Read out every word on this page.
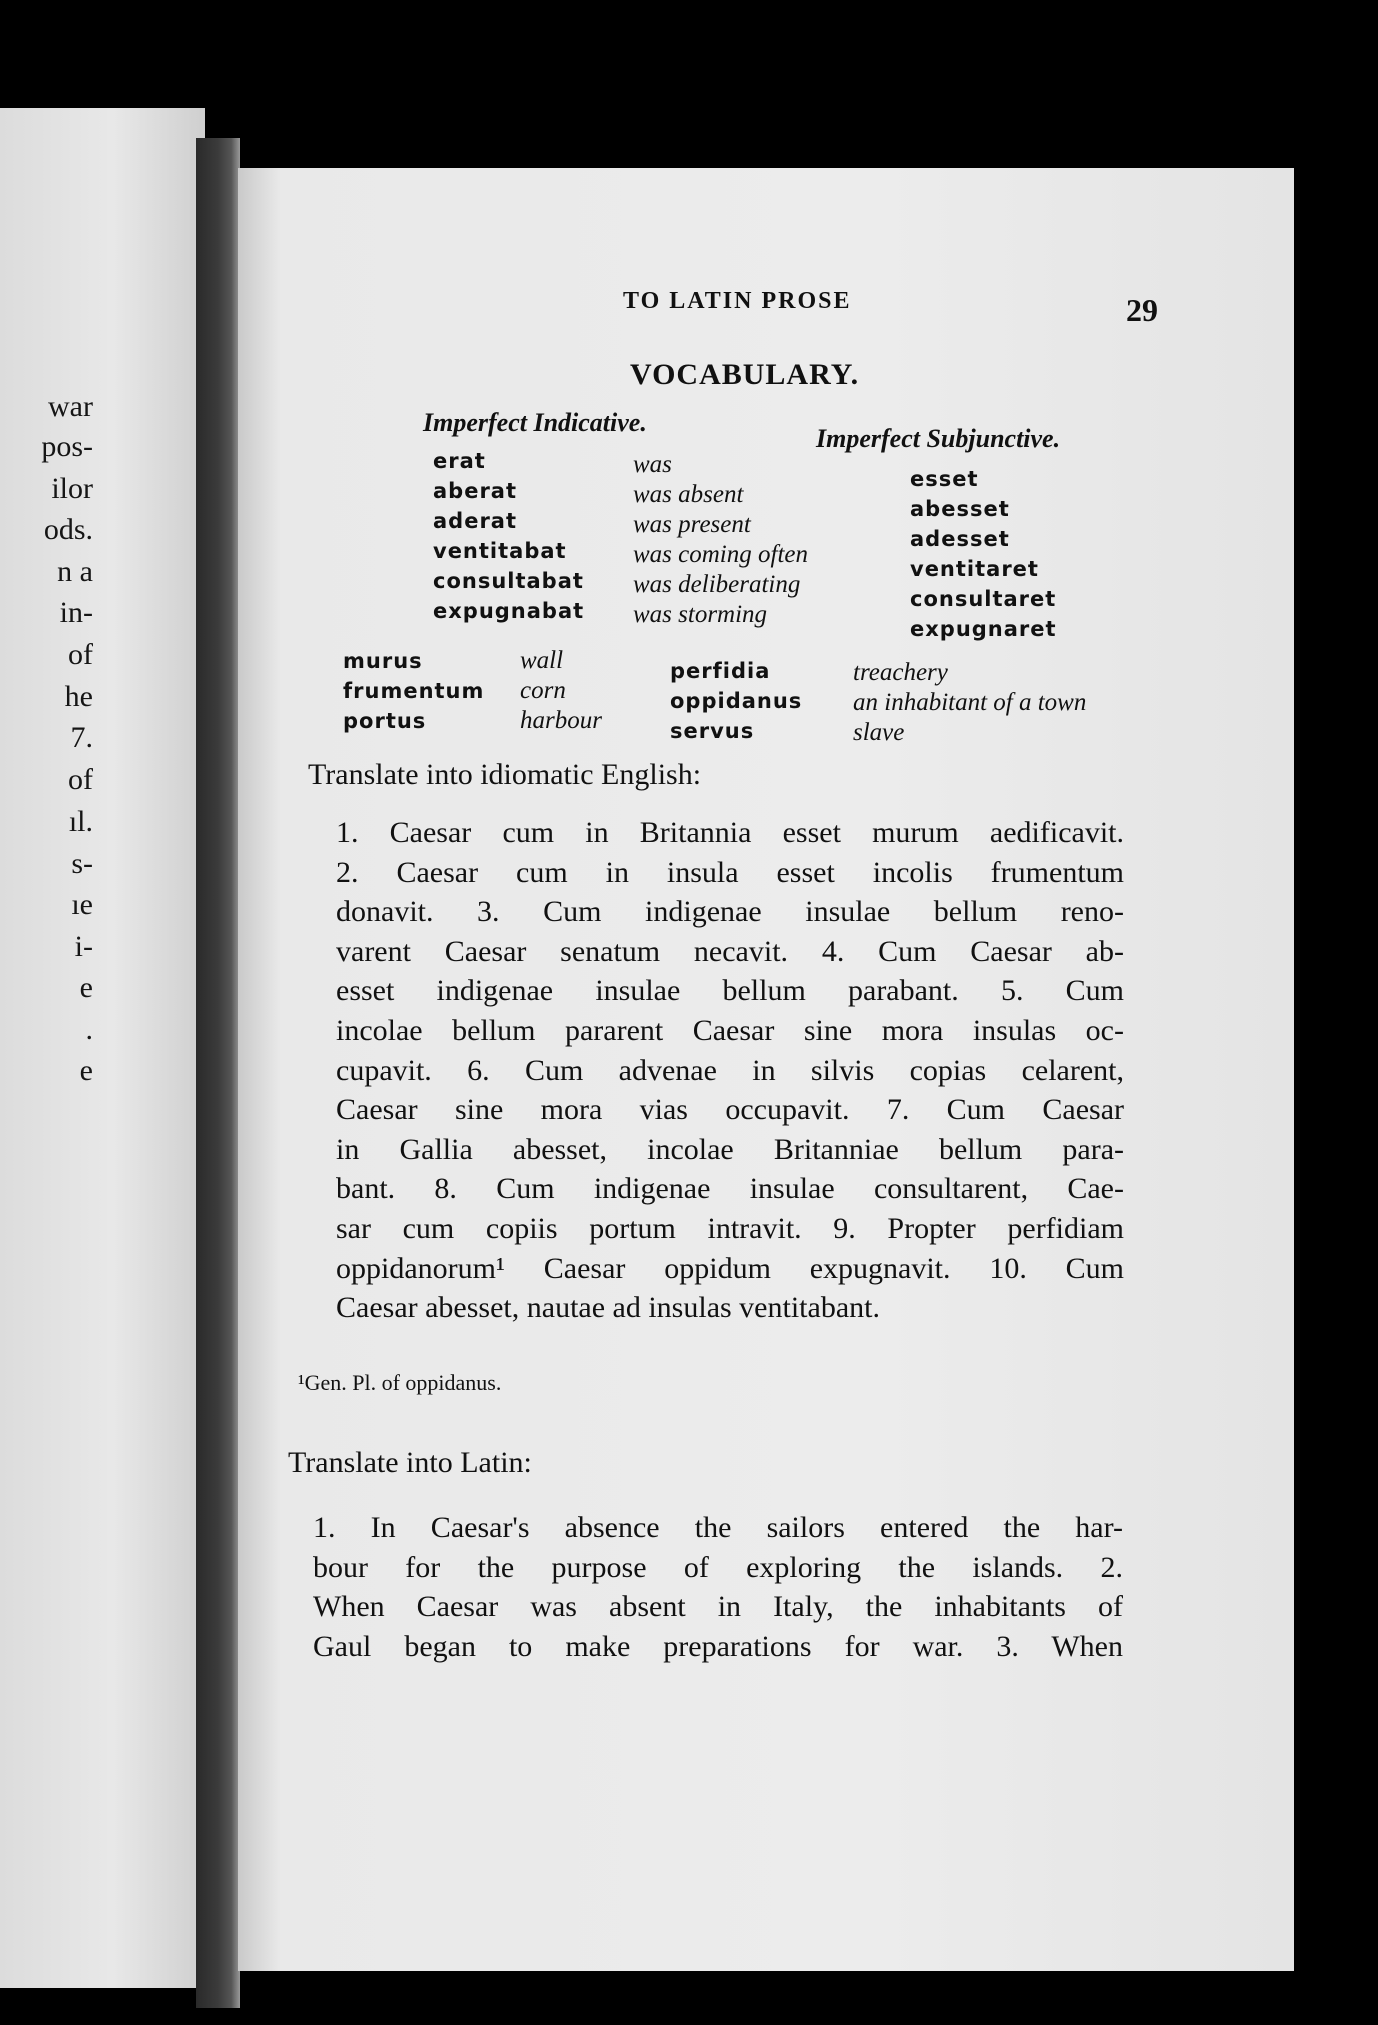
war
pos-
ilor
ods.
n a
in-
of
he
7.
of
ıl.
s-
ıe
i-
e
.
e
TO LATIN PROSE	29
VOCABULARY.
Imperfect Indicative.
Imperfect Subjunctive.
erat
aberat
aderat
ventitabat
consultabat
expugnabat
was
was absent
was present
was coming often
was deliberating
was storming
esset
abesset
adesset
ventitaret
consultaret
expugnaret
murus
frumentum
portus
wall
corn
harbour
perfidia
oppidanus
servus
treachery
an inhabitant of a town
slave
Translate into idiomatic English:
1. Caesar cum in Britannia esset murum aedificavit.
2. Caesar cum in insula esset incolis frumentum
donavit. 3. Cum indigenae insulae bellum reno-
varent Caesar senatum necavit. 4. Cum Caesar ab-
esset indigenae insulae bellum parabant. 5. Cum
incolae bellum pararent Caesar sine mora insulas oc-
cupavit. 6. Cum advenae in silvis copias celarent,
Caesar sine mora vias occupavit. 7. Cum Caesar
in Gallia abesset, incolae Britanniae bellum para-
bant. 8. Cum indigenae insulae consultarent, Cae-
sar cum copiis portum intravit. 9. Propter perfidiam
oppidanorum¹ Caesar oppidum expugnavit. 10. Cum
Caesar abesset, nautae ad insulas ventitabant.
¹Gen. Pl. of oppidanus.
Translate into Latin:
1. In Caesar's absence the sailors entered the har-
bour for the purpose of exploring the islands. 2.
When Caesar was absent in Italy, the inhabitants of
Gaul began to make preparations for war. 3. When
